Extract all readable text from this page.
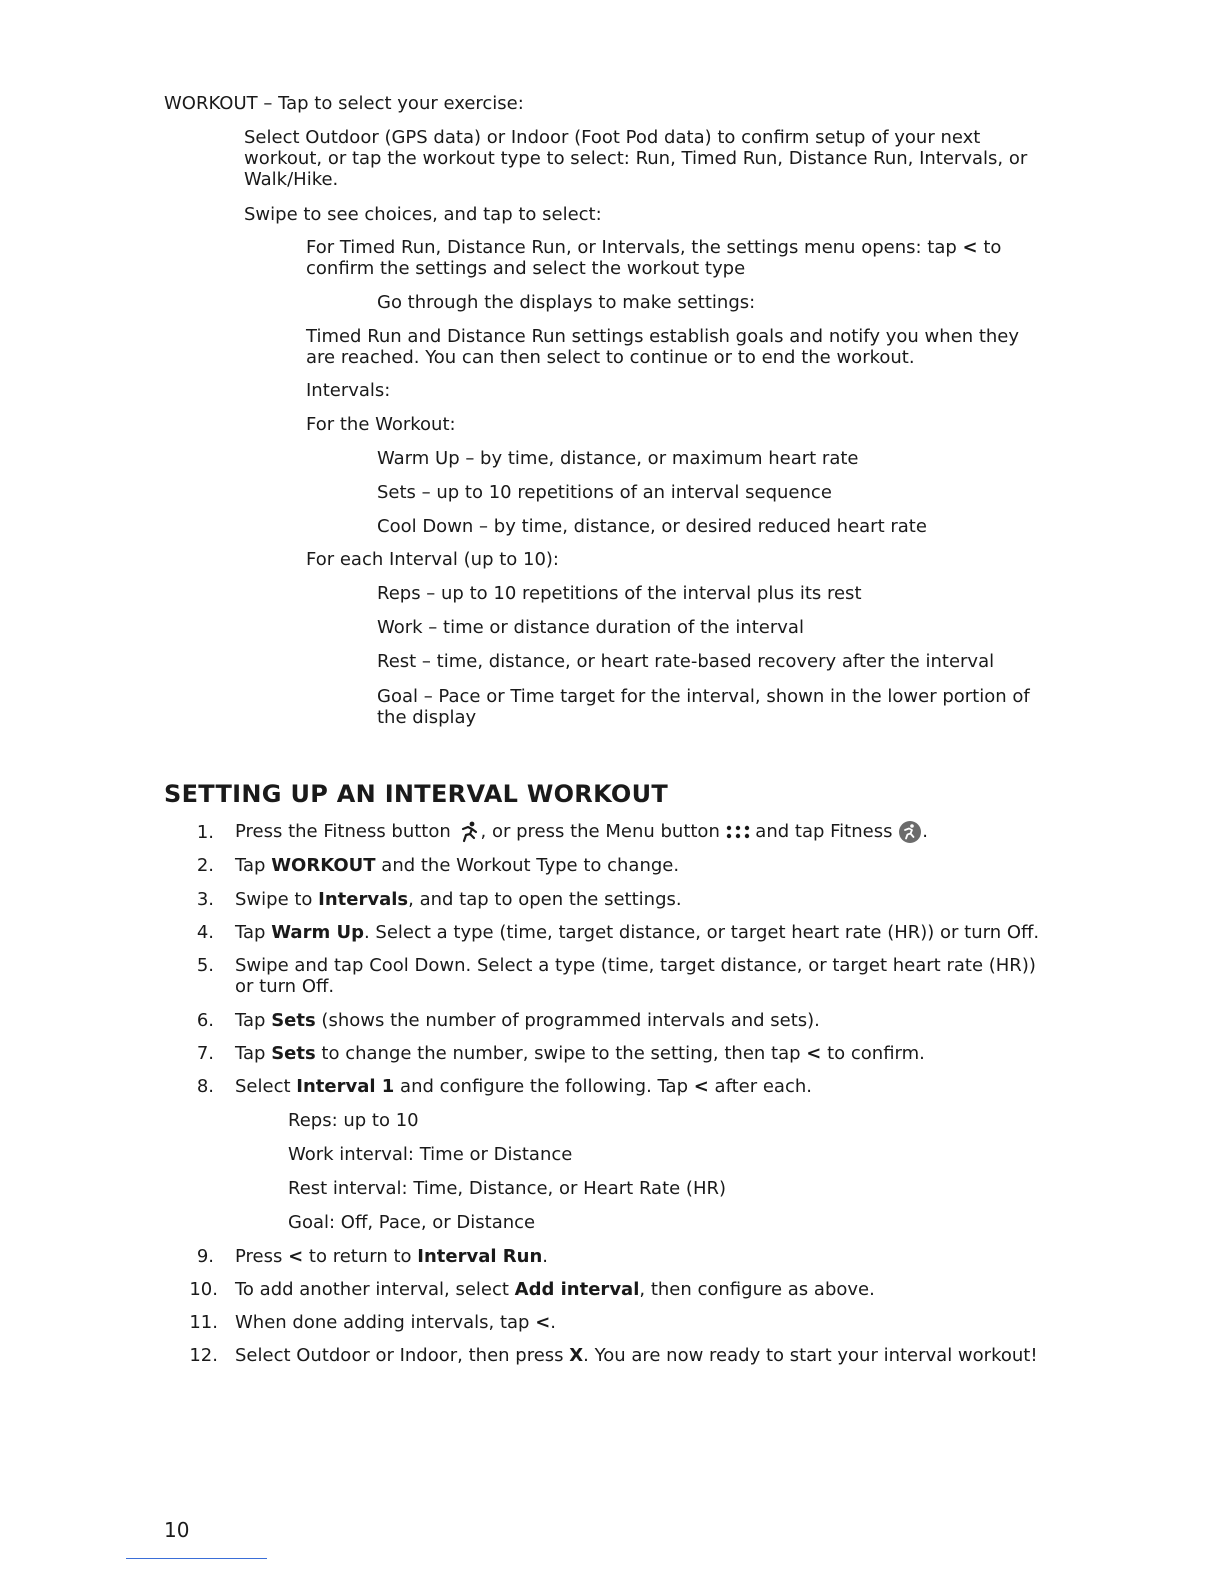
WORKOUT – Tap to select your exercise:

Select Outdoor (GPS data) or Indoor (Foot Pod data) to confirm setup of your next workout, or tap the workout type to select: Run, Timed Run, Distance Run, Intervals, or Walk/Hike.

Swipe to see choices, and tap to select:

For Timed Run, Distance Run, or Intervals, the settings menu opens: tap < to confirm the settings and select the workout type

Go through the displays to make settings:

Timed Run and Distance Run settings establish goals and notify you when they are reached. You can then select to continue or to end the workout.

Intervals:

For the Workout:

Warm Up – by time, distance, or maximum heart rate

Sets – up to 10 repetitions of an interval sequence

Cool Down – by time, distance, or desired reduced heart rate

For each Interval (up to 10):

Reps – up to 10 repetitions of the interval plus its rest

Work – time or distance duration of the interval

Rest – time, distance, or heart rate-based recovery after the interval

Goal – Pace or Time target for the interval, shown in the lower portion of the display

SETTING UP AN INTERVAL WORKOUT
1. Press the Fitness button , or press the Menu button  and tap Fitness .
2. Tap WORKOUT and the Workout Type to change.
3. Swipe to Intervals, and tap to open the settings.
4. Tap Warm Up. Select a type (time, target distance, or target heart rate (HR)) or turn Off.
5. Swipe and tap Cool Down. Select a type (time, target distance, or target heart rate (HR)) or turn Off.
6. Tap Sets (shows the number of programmed intervals and sets).
7. Tap Sets to change the number, swipe to the setting, then tap < to confirm.
8. Select Interval 1 and configure the following. Tap < after each.

Reps: up to 10

Work interval: Time or Distance

Rest interval: Time, Distance, or Heart Rate (HR)

Goal: Off, Pace, or Distance

9. Press < to return to Interval Run.
10. To add another interval, select Add interval, then configure as above.
11. When done adding intervals, tap <.
12. Select Outdoor or Indoor, then press X. You are now ready to start your interval workout!
10
